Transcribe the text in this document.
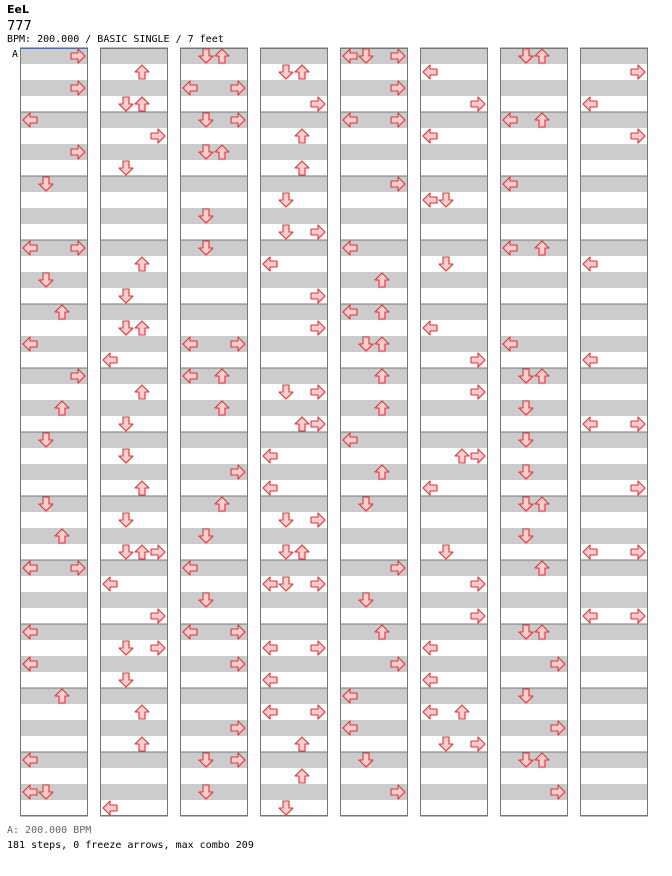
EeL
777
BPM: 200.000 / BASIC SINGLE / 7 feet
A
A: 200.000 BPM
181 steps, 0 freeze arrows, max combo 209
